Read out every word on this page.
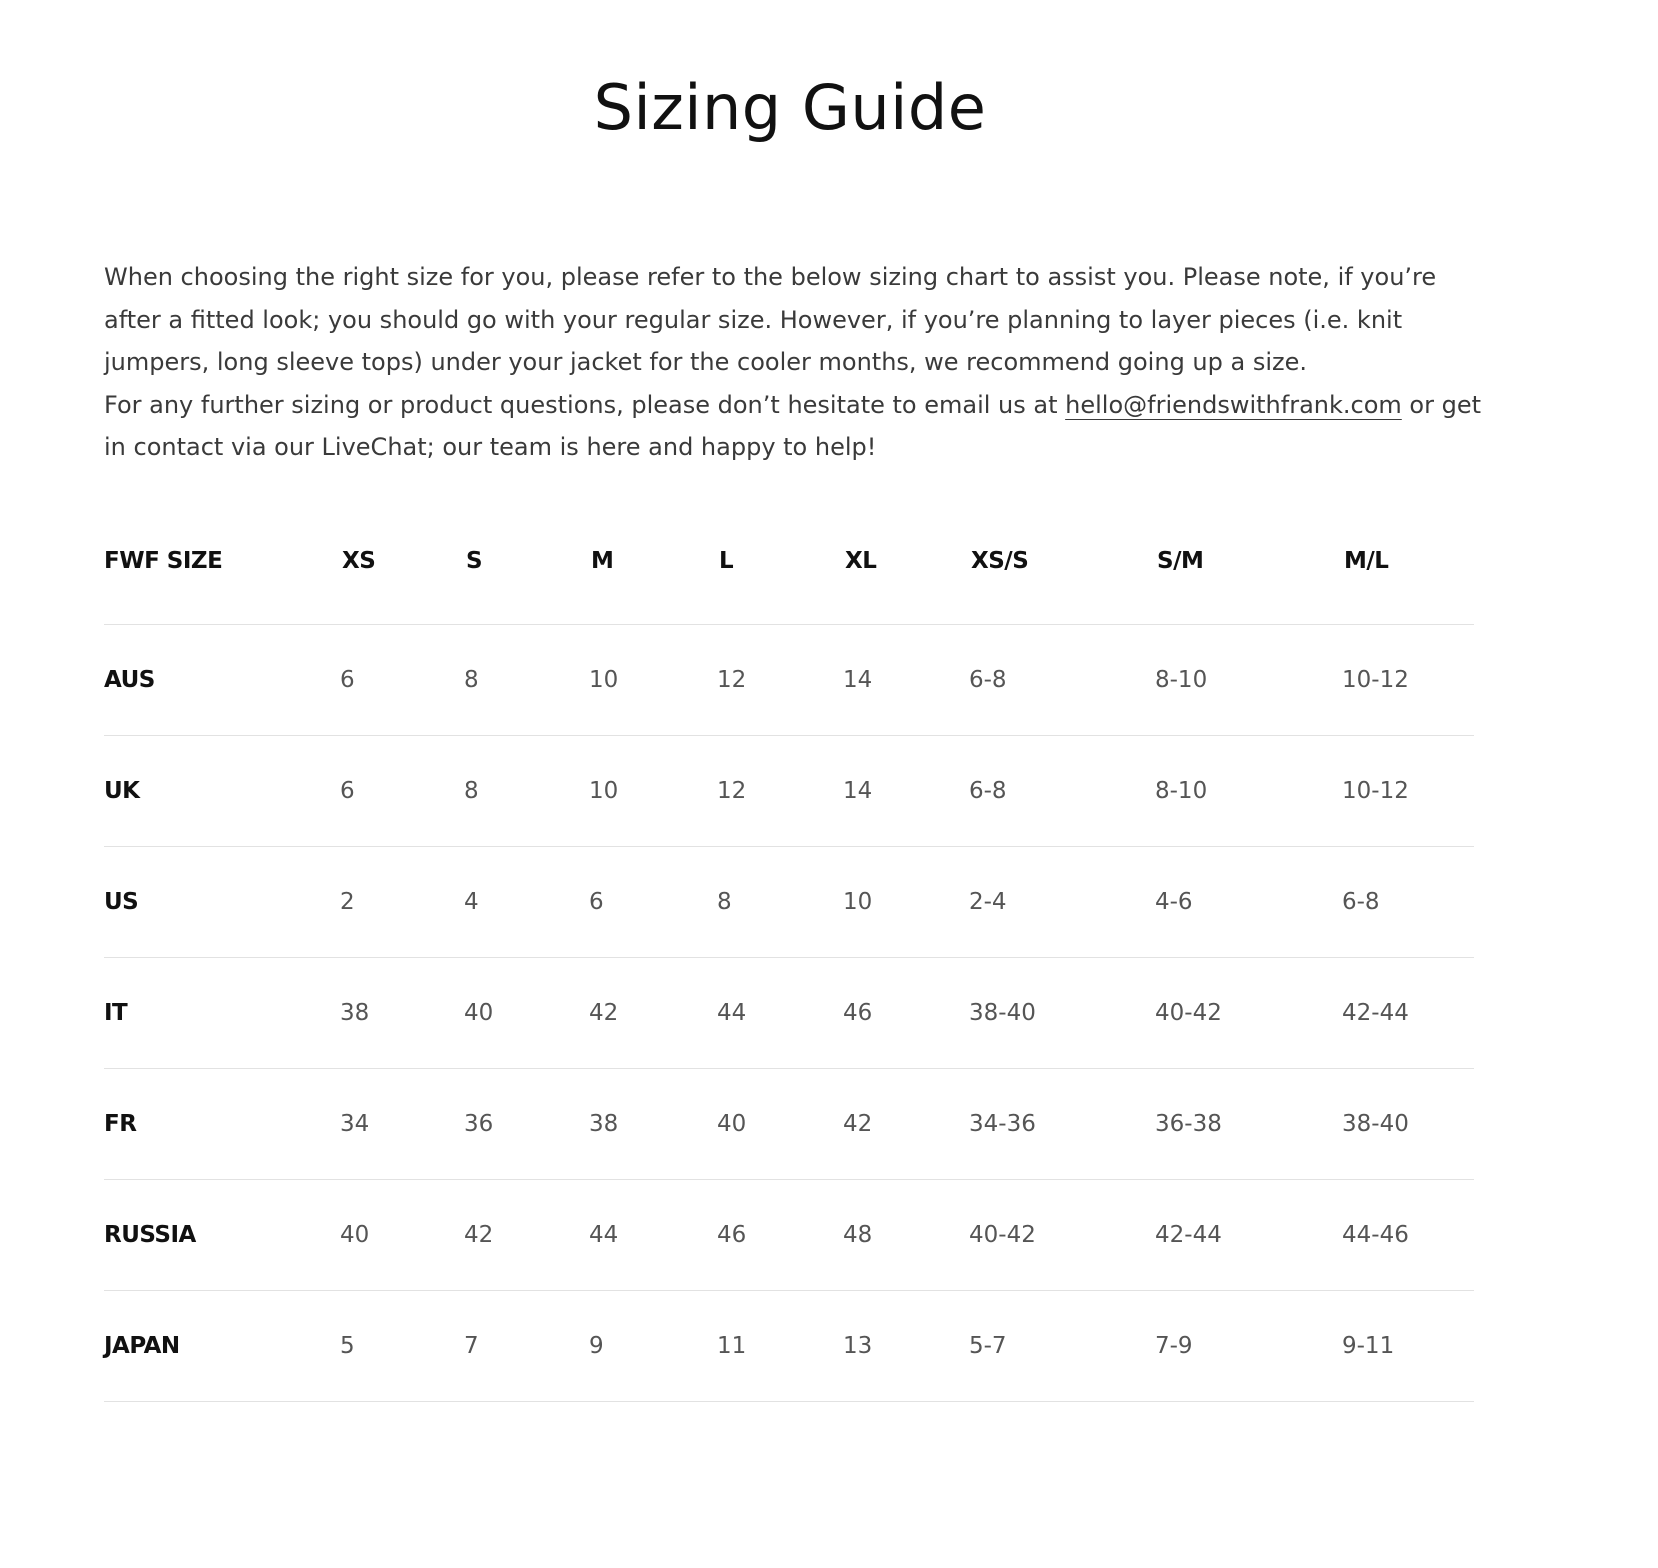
Sizing Guide

When choosing the right size for you, please refer to the below sizing chart to assist you. Please note, if you’re after a fitted look; you should go with your regular size. However, if you’re planning to layer pieces (i.e. knit jumpers, long sleeve tops) under your jacket for the cooler months, we recommend going up a size.

For any further sizing or product questions, please don’t hesitate to email us at hello@friendswithfrank.com or get in contact via our LiveChat; our team is here and happy to help!

FWF SIZE	XS	S	M	L	XL	XS/S	S/M	M/L
AUS	6	8	10	12	14	6-8	8-10	10-12
UK	6	8	10	12	14	6-8	8-10	10-12
US	2	4	6	8	10	2-4	4-6	6-8
IT	38	40	42	44	46	38-40	40-42	42-44
FR	34	36	38	40	42	34-36	36-38	38-40
RUSSIA	40	42	44	46	48	40-42	42-44	44-46
JAPAN	5	7	9	11	13	5-7	7-9	9-11
